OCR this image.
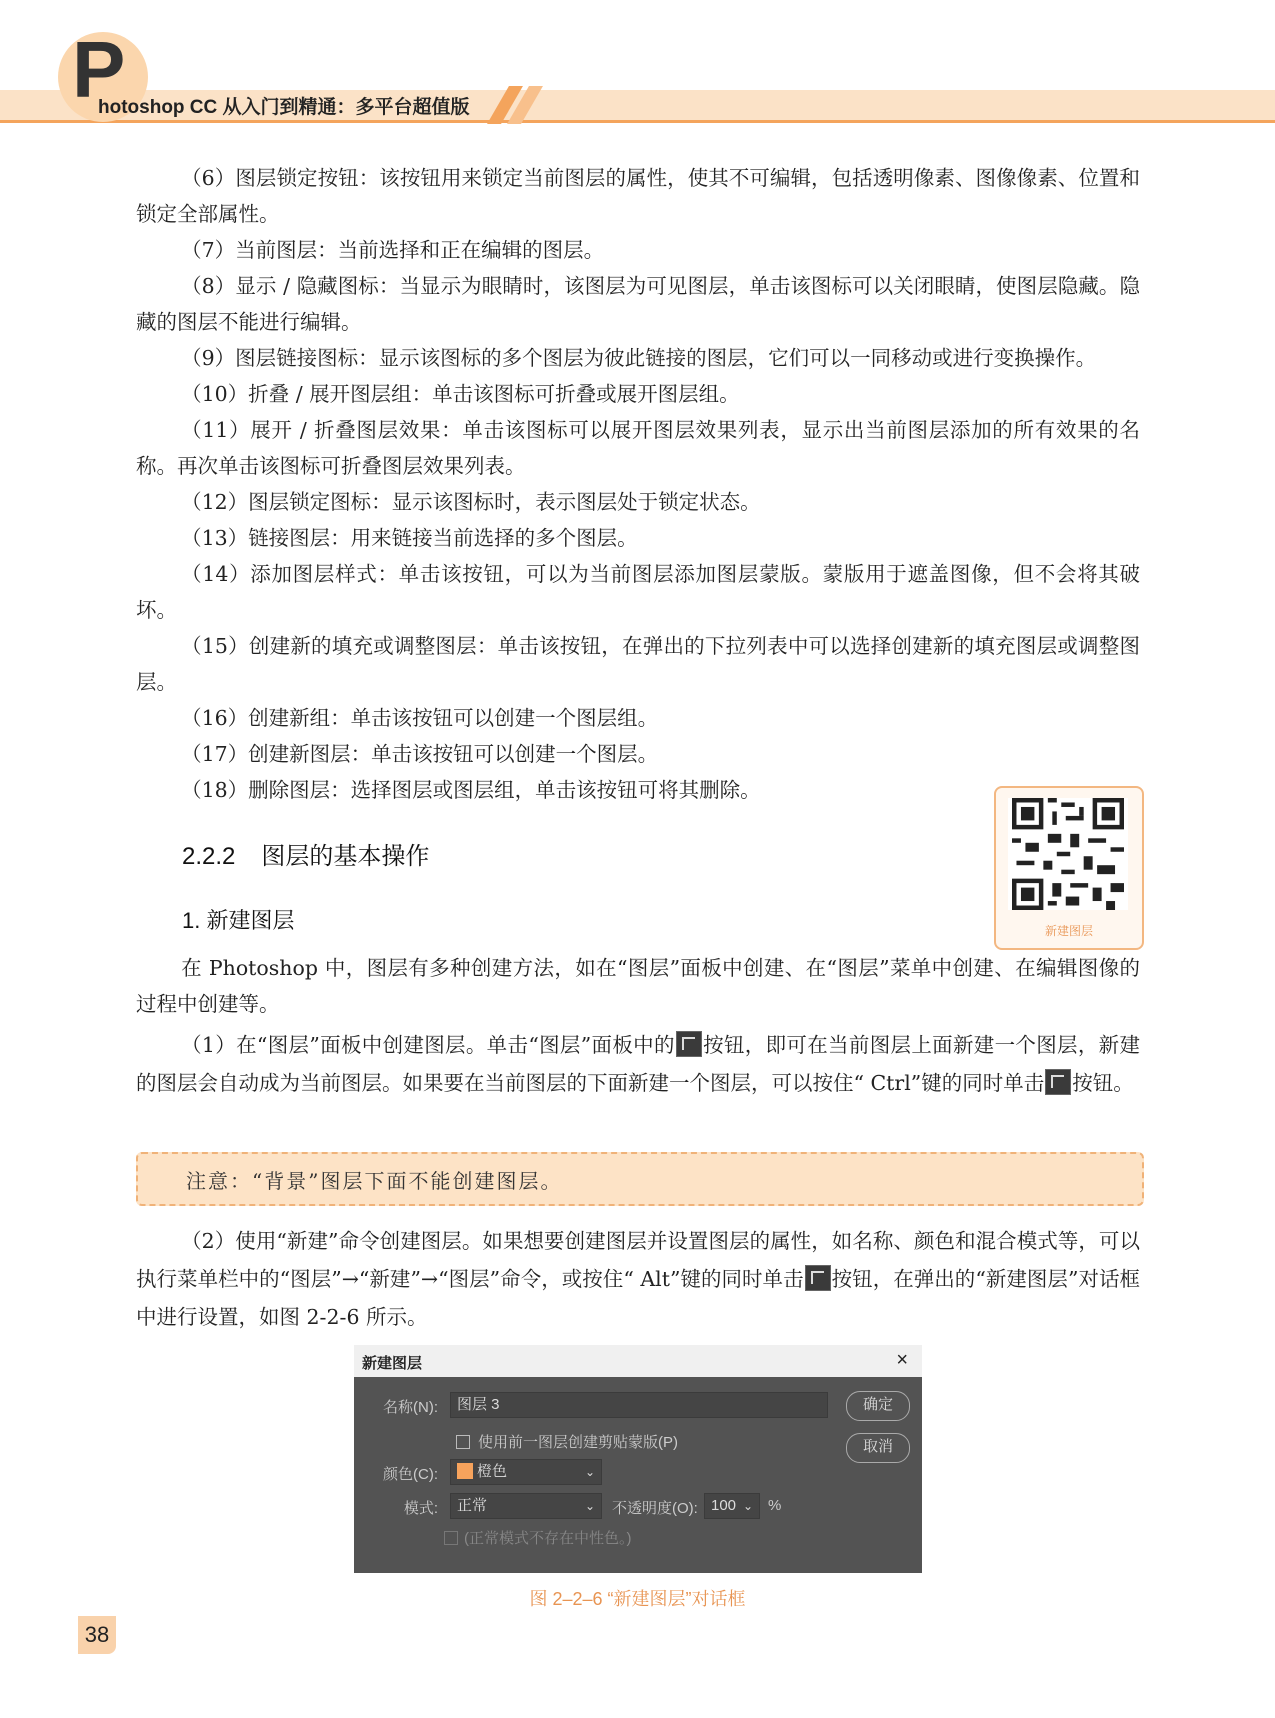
P
hotoshop CC 从入门到精通：多平台超值版

（6）图层锁定按钮：该按钮用来锁定当前图层的属性，使其不可编辑，包括透明像素、图像像素、位置和锁定全部属性。

（7）当前图层：当前选择和正在编辑的图层。

（8）显示 / 隐藏图标：当显示为眼睛时，该图层为可见图层，单击该图标可以关闭眼睛，使图层隐藏。隐藏的图层不能进行编辑。

（9）图层链接图标：显示该图标的多个图层为彼此链接的图层，它们可以一同移动或进行变换操作。

（10）折叠 / 展开图层组：单击该图标可折叠或展开图层组。

（11）展开 / 折叠图层效果：单击该图标可以展开图层效果列表，显示出当前图层添加的所有效果的名称。再次单击该图标可折叠图层效果列表。

（12）图层锁定图标：显示该图标时，表示图层处于锁定状态。

（13）链接图层：用来链接当前选择的多个图层。

（14）添加图层样式：单击该按钮，可以为当前图层添加图层蒙版。蒙版用于遮盖图像，但不会将其破坏。

（15）创建新的填充或调整图层：单击该按钮，在弹出的下拉列表中可以选择创建新的填充图层或调整图层。

（16）创建新组：单击该按钮可以创建一个图层组。

（17）创建新图层：单击该按钮可以创建一个图层。

（18）删除图层：选择图层或图层组，单击该按钮可将其删除。

2.2.2 图层的基本操作
1. 新建图层	新建图层

在 Photoshop 中，图层有多种创建方法，如在“图层”面板中创建、在“图层”菜单中创建、在编辑图像的过程中创建等。

（1）在“图层”面板中创建图层。单击“图层”面板中的 按钮，即可在当前图层上面新建一个图层，新建的图层会自动成为当前图层。如果要在当前图层的下面新建一个图层，可以按住“ Ctrl”键的同时单击 按钮。

注意：“背景”图层下面不能创建图层。

（2）使用“新建”命令创建图层。如果想要创建图层并设置图层的属性，如名称、颜色和混合模式等，可以执行菜单栏中的“图层”→“新建”→“图层”命令，或按住“ Alt”键的同时单击 按钮，在弹出的“新建图层”对话框中进行设置，如图 2-2-6 所示。

新建图层	×
名称(N):	图层 3	确定
取消
使用前一图层创建剪贴蒙版(P)
颜色(C):	橙色	⌄
模式:	正常	⌄ 不透明度(O): 100 ⌄ %
(正常模式不存在中性色。)
图 2–2–6 “新建图层”对话框
38
